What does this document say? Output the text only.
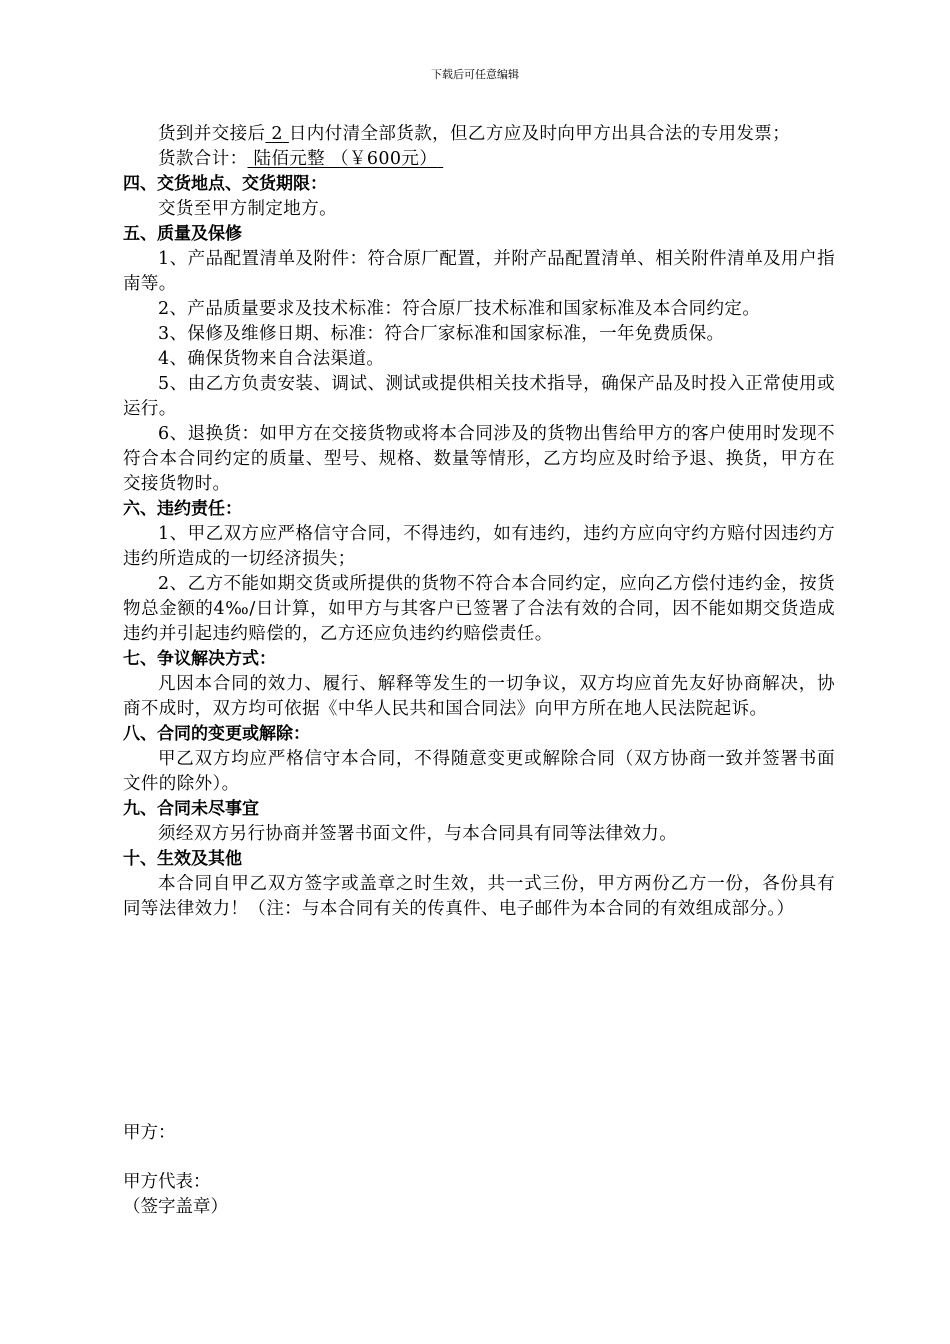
下载后可任意编辑

货到并交接后 2 日内付清全部货款，但乙方应及时向甲方出具合法的专用发票；

货款合计： 陆佰元整 （￥600元）

四、交货地点、交货期限：

交货至甲方制定地方。

五、质量及保修

1、产品配置清单及附件：符合原厂配置，并附产品配置清单、相关附件清单及用户指南等。

2、产品质量要求及技术标准：符合原厂技术标准和国家标准及本合同约定。

3、保修及维修日期、标准：符合厂家标准和国家标准，一年免费质保。

4、确保货物来自合法渠道。

5、由乙方负责安装、调试、测试或提供相关技术指导，确保产品及时投入正常使用或运行。

6、退换货：如甲方在交接货物或将本合同涉及的货物出售给甲方的客户使用时发现不符合本合同约定的质量、型号、规格、数量等情形，乙方均应及时给予退、换货，甲方在交接货物时。

六、违约责任：

1、甲乙双方应严格信守合同，不得违约，如有违约，违约方应向守约方赔付因违约方违约所造成的一切经济损失；

2、乙方不能如期交货或所提供的货物不符合本合同约定，应向乙方偿付违约金，按货物总金额的4‰/日计算，如甲方与其客户已签署了合法有效的合同，因不能如期交货造成违约并引起违约赔偿的，乙方还应负违约约赔偿责任。

七、争议解决方式：

凡因本合同的效力、履行、解释等发生的一切争议，双方均应首先友好协商解决，协商不成时，双方均可依据《中华人民共和国合同法》向甲方所在地人民法院起诉。

八、合同的变更或解除：

甲乙双方均应严格信守本合同，不得随意变更或解除合同（双方协商一致并签署书面文件的除外）。

九、合同未尽事宜

须经双方另行协商并签署书面文件，与本合同具有同等法律效力。

十、生效及其他

本合同自甲乙双方签字或盖章之时生效，共一式三份，甲方两份乙方一份，各份具有同等法律效力！（注：与本合同有关的传真件、电子邮件为本合同的有效组成部分。）

甲方：

甲方代表：

（签字盖章）
